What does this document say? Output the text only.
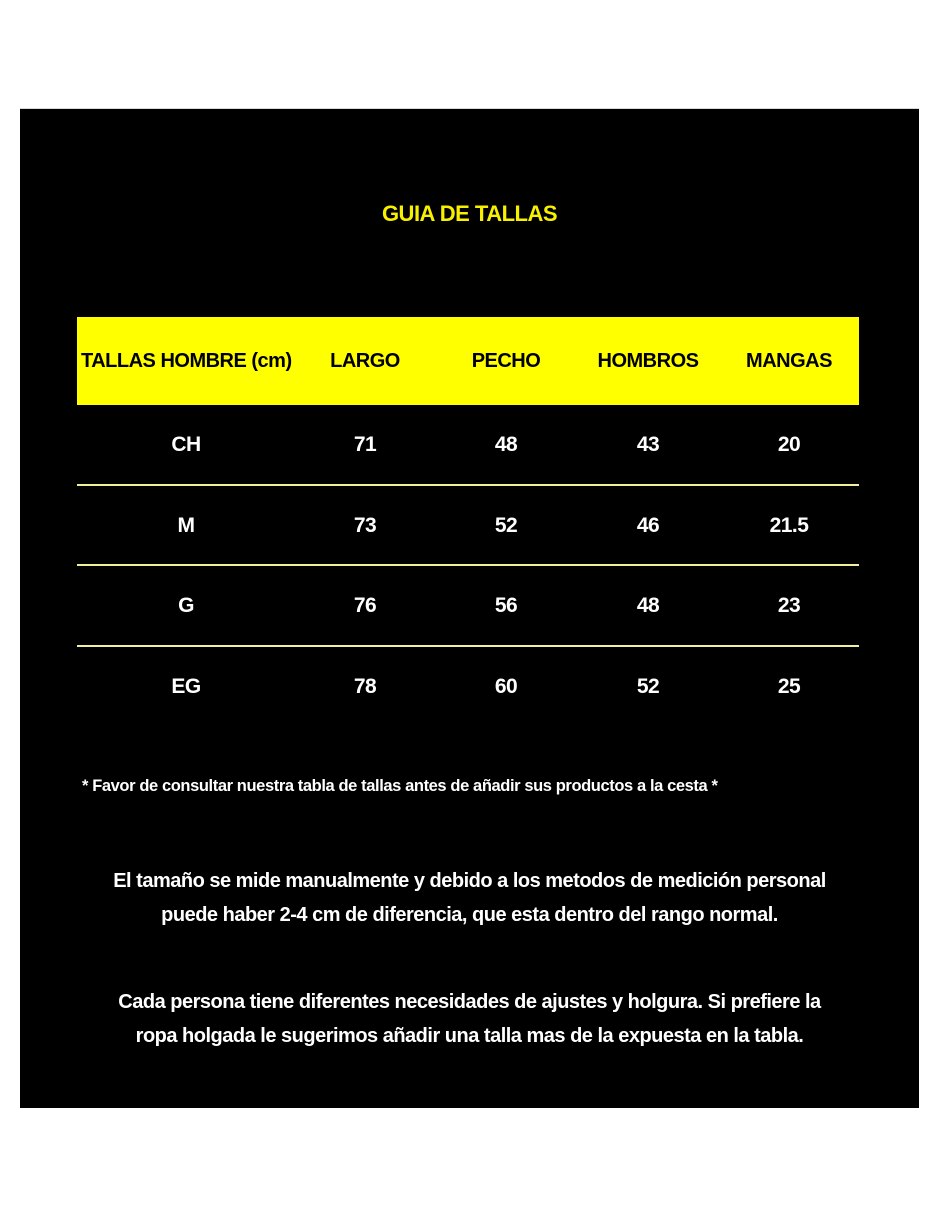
GUIA DE TALLAS
TALLAS HOMBRE (cm)	LARGO	PECHO	HOMBROS	MANGAS
CH	71	48	43	20
M	73	52	46	21.5
G	76	56	48	23
EG	78	60	52	25
* Favor de consultar nuestra tabla de tallas antes de añadir sus productos a la cesta *
El tamaño se mide manualmente y debido a los metodos de medición personal
puede haber 2-4 cm de diferencia, que esta dentro del rango normal.
Cada persona tiene diferentes necesidades de ajustes y holgura. Si prefiere la
ropa holgada le sugerimos añadir una talla mas de la expuesta en la tabla.
